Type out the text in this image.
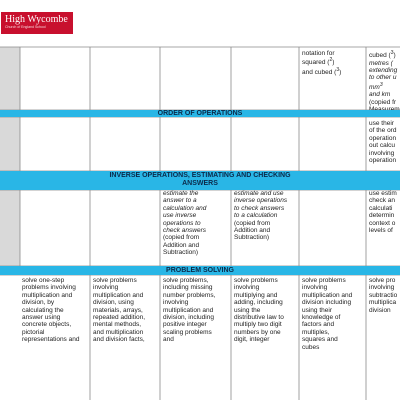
High Wycombe
Church of England School
notation for
squared ($^2$)
and cubed ($^3$)
cubed ($^3$)
metres (
extending
to other u
$mm^3$
and km
(copied fr
ORDER OF OPERATIONS
use their
of the ord
operation
out calcu
involving
operation
INVERSE OPERATIONS, ESTIMATING AND CHECKING
ANSWERS
estimate the
answer to a
calculation and
use inverse
operations to
check answers
(copied from
Addition and
Subtraction)
estimate and use
inverse operations
to check answers
to a calculation
(copied from
Addition and
Subtraction)
use estim
check an
calculati
determin
context o
levels of
PROBLEM SOLVING
solve one-step
problems involving
multiplication and
division, by
calculating the
answer using
concrete objects,
pictorial
representations and
solve problems
involving
multiplication and
division, using
materials, arrays,
repeated addition,
mental methods,
and multiplication
and division facts,
solve problems,
including missing
number problems,
involving
multiplication and
division, including
positive integer
scaling problems
and
solve problems
involving
multiplying and
adding, including
using the
distributive law to
multiply two digit
numbers by one
digit, integer
solve problems
involving
multiplication and
division including
using their
knowledge of
factors and
multiples,
squares and
cubes
solve pro
involving
subtractio
multiplica
division
